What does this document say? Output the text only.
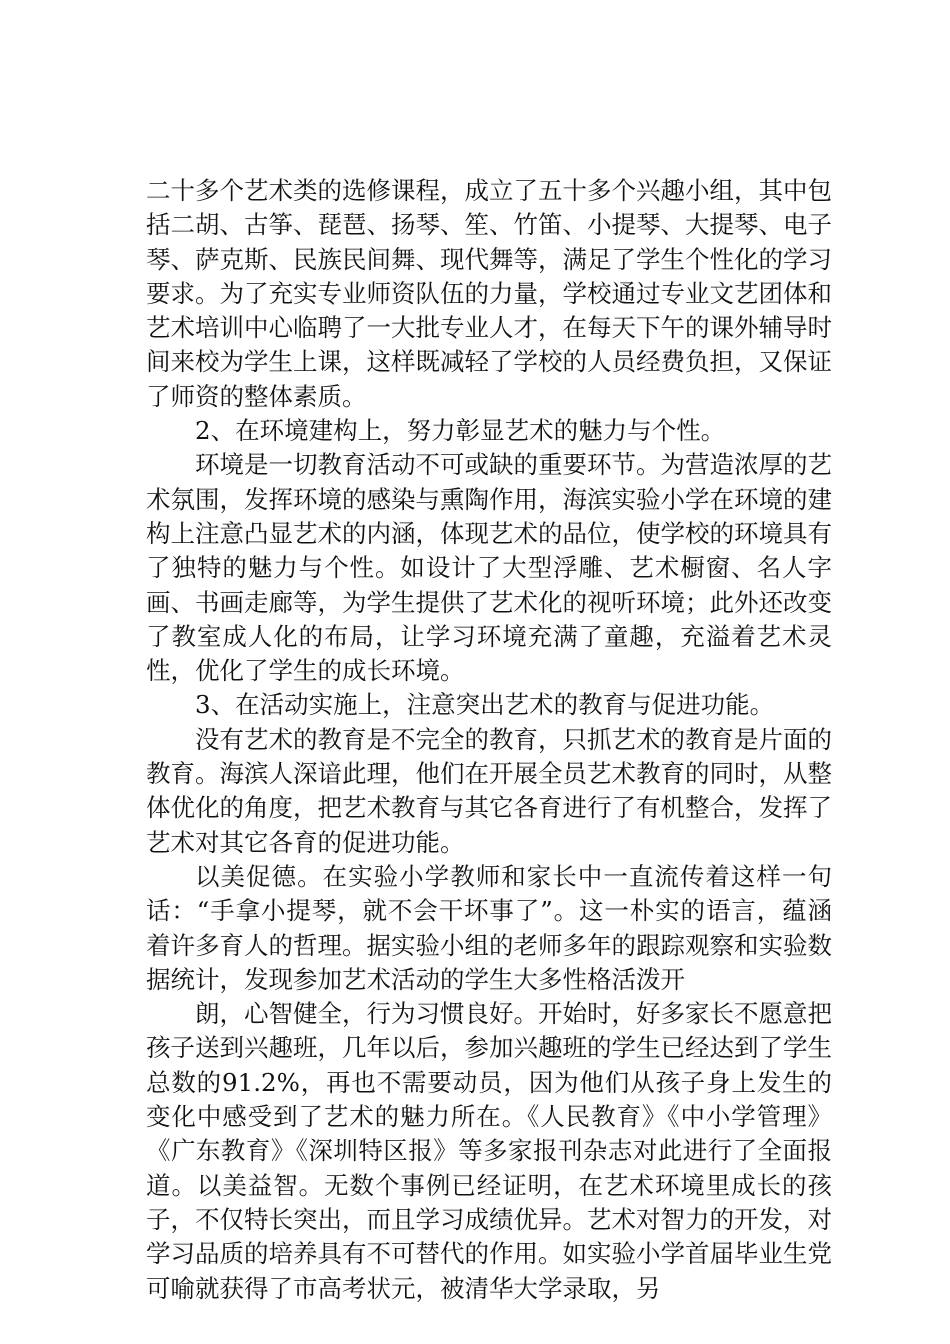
二十多个艺术类的选修课程，成立了五十多个兴趣小组，其中包括二胡、古筝、琵琶、扬琴、笙、竹笛、小提琴、大提琴、电子琴、萨克斯、民族民间舞、现代舞等，满足了学生个性化的学习要求。为了充实专业师资队伍的力量，学校通过专业文艺团体和艺术培训中心临聘了一大批专业人才，在每天下午的课外辅导时间来校为学生上课，这样既减轻了学校的人员经费负担，又保证了师资的整体素质。

2、在环境建构上，努力彰显艺术的魅力与个性。

环境是一切教育活动不可或缺的重要环节。为营造浓厚的艺术氛围，发挥环境的感染与熏陶作用，海滨实验小学在环境的建构上注意凸显艺术的内涵，体现艺术的品位，使学校的环境具有了独特的魅力与个性。如设计了大型浮雕、艺术橱窗、名人字画、书画走廊等，为学生提供了艺术化的视听环境；此外还改变了教室成人化的布局，让学习环境充满了童趣，充溢着艺术灵性，优化了学生的成长环境。

3、在活动实施上，注意突出艺术的教育与促进功能。

没有艺术的教育是不完全的教育，只抓艺术的教育是片面的教育。海滨人深谙此理，他们在开展全员艺术教育的同时，从整体优化的角度，把艺术教育与其它各育进行了有机整合，发挥了艺术对其它各育的促进功能。

以美促德。在实验小学教师和家长中一直流传着这样一句话：“手拿小提琴，就不会干坏事了”。这一朴实的语言，蕴涵着许多育人的哲理。据实验小组的老师多年的跟踪观察和实验数据统计，发现参加艺术活动的学生大多性格活泼开

朗，心智健全，行为习惯良好。开始时，好多家长不愿意把孩子送到兴趣班，几年以后，参加兴趣班的学生已经达到了学生总数的91.2%，再也不需要动员，因为他们从孩子身上发生的变化中感受到了艺术的魅力所在。《人民教育》《中小学管理》《广东教育》《深圳特区报》等多家报刊杂志对此进行了全面报道。以美益智。无数个事例已经证明，在艺术环境里成长的孩子，不仅特长突出，而且学习成绩优异。艺术对智力的开发，对学习品质的培养具有不可替代的作用。如实验小学首届毕业生党可喻就获得了市高考状元，被清华大学录取，另
